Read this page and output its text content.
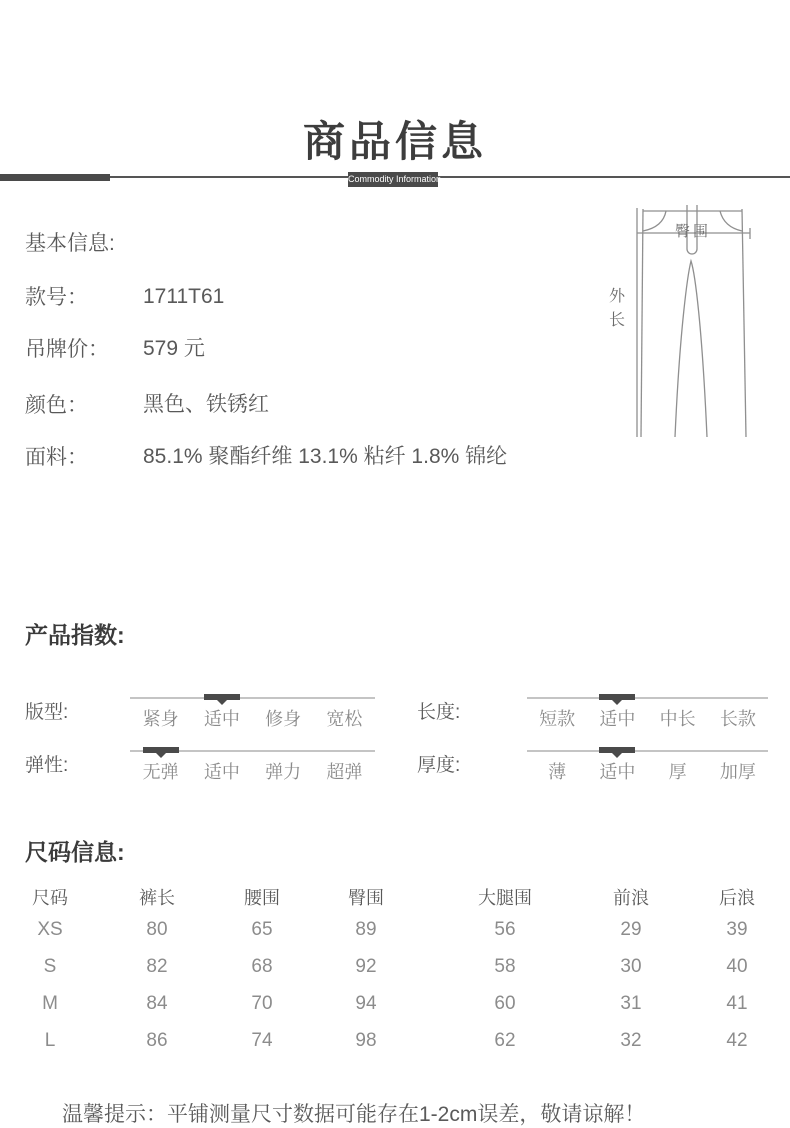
商品信息
Commodity Information
基本信息:
款号：	1711T61
吊牌价： 579 元
颜色：	黑色、铁锈红
面料：	85.1% 聚酯纤维 13.1% 粘纤 1.8% 锦纶
臀围
外
长
产品指数:
版型:	紧身	适中	修身	宽松	长度:	短款	适中	中长	长款
弹性:	无弹	适中	弹力	超弹	厚度:	薄	适中	厚	加厚
尺码信息:
尺码	裤长	腰围	臀围	大腿围	前浪	后浪
XS	80	65	89	56	29	39
S	82	68	92	58	30	40
M	84	70	94	60	31	41
L	86	74	98	62	32	42
温馨提示：平铺测量尺寸数据可能存在1-2cm误差，敬请谅解！
